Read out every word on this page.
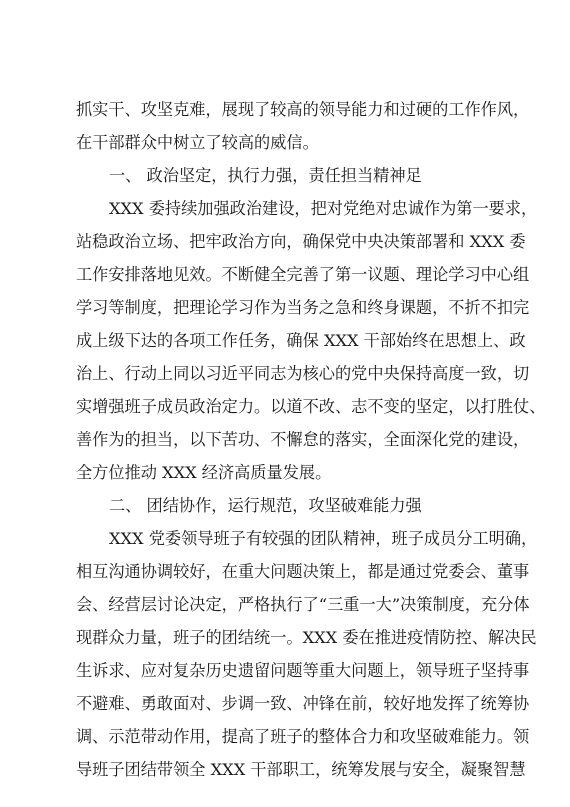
抓实干、攻坚克难，展现了较高的领导能力和过硬的工作作风，
在干部群众中树立了较高的威信。
一、 政治坚定，执行力强，责任担当精神足
XXX 委持续加强政治建设，把对党绝对忠诚作为第一要求，
站稳政治立场、把牢政治方向，确保党中央决策部署和 XXX 委
工作安排落地见效。不断健全完善了第一议题、理论学习中心组
学习等制度，把理论学习作为当务之急和终身课题，不折不扣完
成上级下达的各项工作任务，确保 XXX 干部始终在思想上、政
治上、行动上同以习近平同志为核心的党中央保持高度一致，切
实增强班子成员政治定力。以道不改、志不变的坚定，以打胜仗、
善作为的担当，以下苦功、不懈怠的落实，全面深化党的建设，
全方位推动 XXX 经济高质量发展。
二、 团结协作，运行规范，攻坚破难能力强
XXX 党委领导班子有较强的团队精神，班子成员分工明确，
相互沟通协调较好，在重大问题决策上，都是通过党委会、董事
会、经营层讨论决定，严格执行了“三重一大”决策制度，充分体
现群众力量，班子的团结统一。XXX 委在推进疫情防控、解决民
生诉求、应对复杂历史遗留问题等重大问题上，领导班子坚持事
不避难、勇敢面对、步调一致、冲锋在前，较好地发挥了统筹协
调、示范带动作用，提高了班子的整体合力和攻坚破难能力。领
导班子团结带领全 XXX 干部职工，统筹发展与安全，凝聚智慧
